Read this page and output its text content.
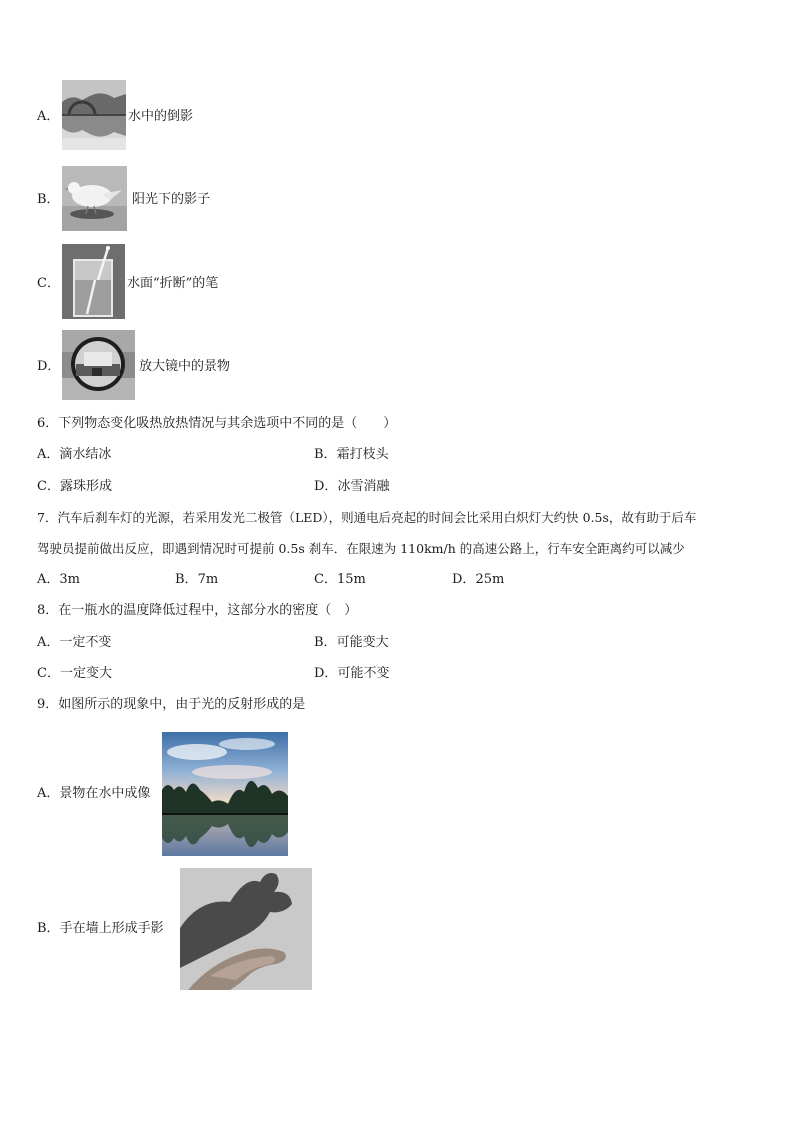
A．	水中的倒影
B．	阳光下的影子
C．	水面“折断”的笔
D．	放大镜中的景物
6．下列物态变化吸热放热情况与其余选项中不同的是（　　）
A．滴水结冰	B．霜打枝头
C．露珠形成	D．冰雪消融
7．汽车后刹车灯的光源，若采用发光二极管（LED），则通电后亮起的时间会比采用白炽灯大约快 0.5s，故有助于后车
驾驶员提前做出反应，即遇到情况时可提前 0.5s 刹车．在限速为 110km/h 的高速公路上，行车安全距离约可以减少
A．3m	B．7m	C．15m	D．25m
8．在一瓶水的温度降低过程中，这部分水的密度（　）
A．一定不变	B．可能变大
C．一定变大	D．可能不变
9．如图所示的现象中，由于光的反射形成的是
A．景物在水中成像
B．手在墙上形成手影
